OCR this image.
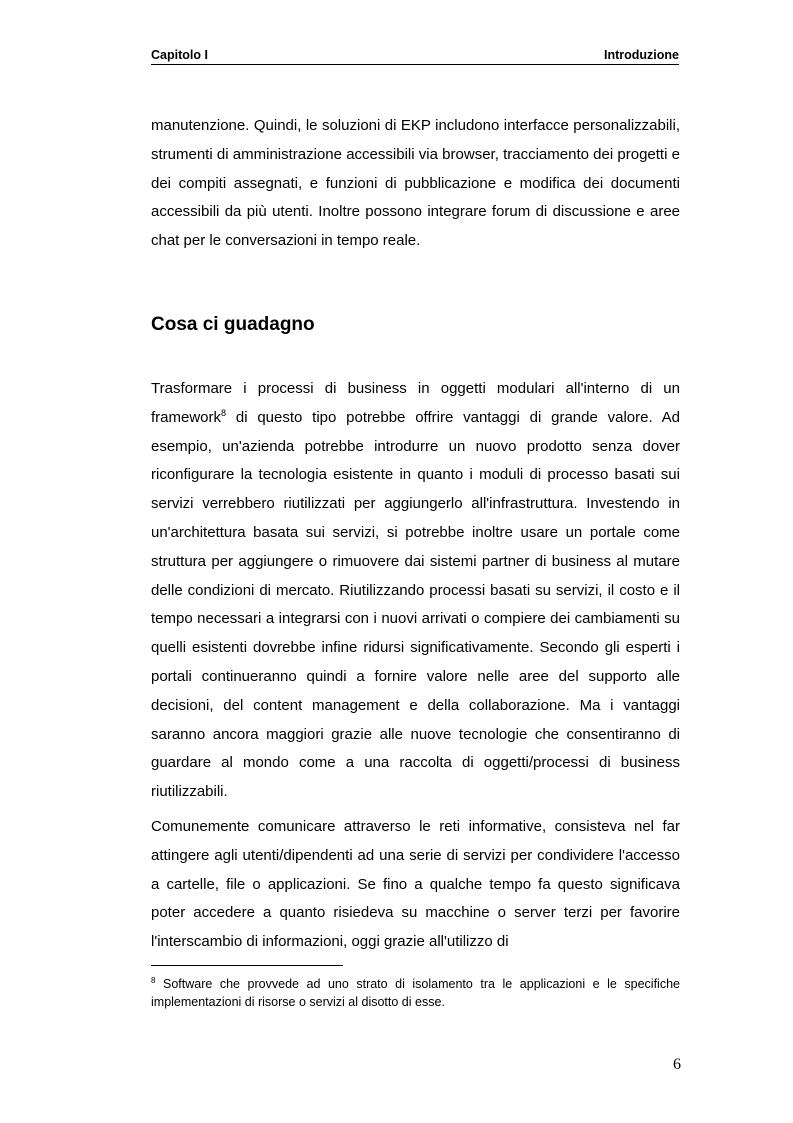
Capitolo I	Introduzione

manutenzione. Quindi, le soluzioni di EKP includono interfacce personalizzabili, strumenti di amministrazione accessibili via browser, tracciamento dei progetti e dei compiti assegnati, e funzioni di pubblicazione e modifica dei documenti accessibili da più utenti. Inoltre possono integrare forum di discussione e aree chat per le conversazioni in tempo reale.

Cosa ci guadagno

Trasformare i processi di business in oggetti modulari all'interno di un framework$^8$ di questo tipo potrebbe offrire vantaggi di grande valore. Ad esempio, un'azienda potrebbe introdurre un nuovo prodotto senza dover riconfigurare la tecnologia esistente in quanto i moduli di processo basati sui servizi verrebbero riutilizzati per aggiungerlo all'infrastruttura. Investendo in un'architettura basata sui servizi, si potrebbe inoltre usare un portale come struttura per aggiungere o rimuovere dai sistemi partner di business al mutare delle condizioni di mercato. Riutilizzando processi basati su servizi, il costo e il tempo necessari a integrarsi con i nuovi arrivati o compiere dei cambiamenti su quelli esistenti dovrebbe infine ridursi significativamente. Secondo gli esperti i portali continueranno quindi a fornire valore nelle aree del supporto alle decisioni, del content management e della collaborazione. Ma i vantaggi saranno ancora maggiori grazie alle nuove tecnologie che consentiranno di guardare al mondo come a una raccolta di oggetti/processi di business riutilizzabili.

Comunemente comunicare attraverso le reti informative, consisteva nel far attingere agli utenti/dipendenti ad una serie di servizi per condividere l'accesso a cartelle, file o applicazioni. Se fino a qualche tempo fa questo significava poter accedere a quanto risiedeva su macchine o server terzi per favorire l'interscambio di informazioni, oggi grazie all'utilizzo di

$^8$ Software che provvede ad uno strato di isolamento tra le applicazioni e le specifiche implementazioni di risorse o servizi al disotto di esse.

6
